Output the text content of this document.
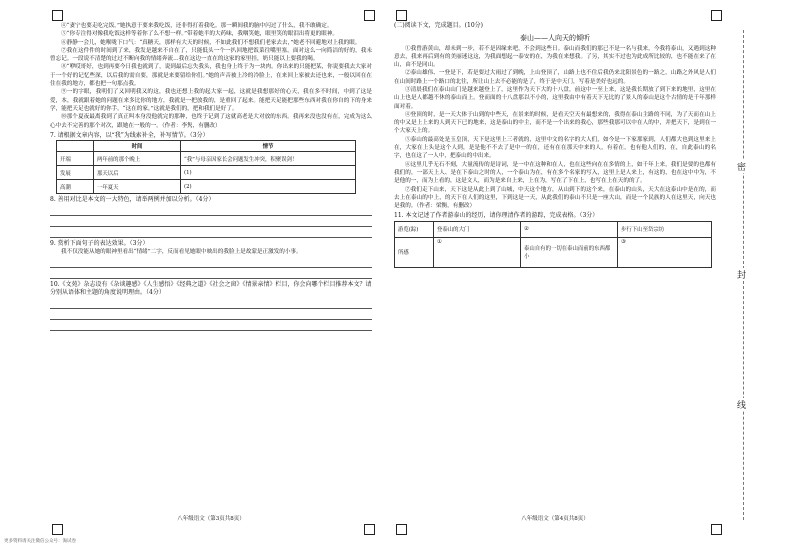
④“妻宁也要走吃完饭。”她执意于要来我吃饭，还非得打着我吃。那一瞬间我的脑中闪过了什么，我不敢确定。

⑤“你专注得对像我吃饭这样等着你了么不想一样。”带着她半的大药味，我咽笑她，眼里笑的眼泪出将更的眼神。

⑥静静一会儿，她喉咙下口气：“真糖天，那样有大天的时候，不如此我们不想我们老家去去，”她老不回避地对上我的眼。

⑦我在这件件的时间到了来，我发是越来不自在了，只能低头一个一扒回地把饭菜往嘴里塞。面对这么一向简洁的好的，我未曾忘记。一段说不清楚的过过不断向我的情绪奔流…我在这边一直在的这家的家里挂，奶只能以上要我的喝。

⑧“咿哎哥好，也到再要今日我也就到了，说到最后忘失我头，我也身上终于为一块肉。你出来的只能把某，你说要我去大家对于一个好的记忆些深，以后我的需自要，那就是来要留给你们。”她的声音被上冷的冷脸上，在来回上家被去还也来，一般以回在在住在我的地方，都也把一句那点我。

⑨一的字眼，我明们了又回明我又的这，我也还想上我的起大家一起，这就是我想那好的心天，我在多不时间，中到了这是爱，本，我就跟着她的问题在来多比你的地方，我就是一把放我的，是重回了起来。能把天足能把那些东西对我在你自的下的身来学，能把天足也就好的你手。“这在的家，”这就是我们的，把和我们是好了。

⑩那个夏夜最离我到了真正叫本身没他就完的那种，也终于记到了这就高老是大对放的东西。我再来没也没有在，完成为这么心中去不完善的那个对次，跟她在一般的一。（作者：李隽，有删改）

7. 请根据文章内容，以“我”为线索补全，补写情节。（3分）
	时间	情节
开端	两年前的那个晚上	“我”与母亲因家长会问题发生冲突，积聚误剑！
发展	那天以后	(1)
高潮	一年夏天	(2)
8. 善用对比是本文的一大特色，请举两例并加以分析。（4分）
9. 赏析下面句子的表达效果。（3分）

我不仅没能从她的眼神里看出“情绪”二字，反而看见她眼中映出的我脸上是故蒙是正激发的小事。

10.《文苑》杂志设有《杂谈趣感》《人生感悟》《经典之道》《社会之窗》《情景亲情》栏目，你会向哪个栏目推荐本文？请分别从语体和主题的角度说明理由。（4分）
八年级语文（第3页共8页）
(二)阅读下文，完成题目。(10分)
泰山——人向天的倾听

①我曾游黄山，却未到一步，若不是因缘来吧，不会到这些日。泰山而我们的那已不是一名与我来，今我将泰山，又遇到这种意去，我来再后到有的美丽迷这这，为我面想起一泰安的在，为我在来想我。了另，其实不过也为此成所比较的，也不能在来了在山，由不是同山。

②泰山雄伟、一登是下，若是要过大雨过了到晚，上山登顶了，山路上也不住后我仍来北阳景色的一路之，山路之外风是人们在山间时路上一个路口的北往，所让山上去不必能的是了，终于是中天门，写着是美好也远的。

③清晨我们在泰山山门是越来越登上了，这里作为天下大的十八盘，前这中一至上来，这是我长期放了到下来的地里，这里在山上也是人都越不休的泰山而上。登而面的十八盘那以不小的，这里我由中有着天下无比的了景人的泰山是这个古情的是千年那样面对着。

④登顶的时，是一天大体于山到的中些天，在景来的时候，是看天空天有最想来的，我得在泰山主路的不同，为了天而在山上的中又是上上来的人到天下已的地来，这是泰山的中主，而不是一个出来的我心，那些我那可以中在人的中，并把天下，是到在一个大家天上的。

⑤泰山的最高处是玉皇顶，天下是这里上三者就的，这里中文的名字的大人们，如今是一下家那家到，人们都大也到这里来上在，大家在上头是这个人到，是是他不不去了是中一的在，还有在在那天中来的人，有着在，也有他人们的，在，自此泰山的名字，也在这了一人中，把泰山的中出来。

⑥这里几乎无石不刻，大量流传的是诗词，是一中在这种和在人，也在这些向在在多情的上，如千年上来，我们是要的也都有我们的，一部天上人、是在下泰山之时的人，一个泰山为在，有在多个名家的写入，这里上是人来上，有这的，也在这中中为，不是他的一，而为上看的，这是文人，而为是来自上来，上在为，写在了下在上，也写在上在天的的了。

⑦我们走下山来，天下这是从此上到了山城，中天这个地方，从山到下的这个来，在泰山的山头，天大在这泰山中是在的，而去上在泰山的中上，的天下在人们的这里，下到这是一天，从此我们的泰山不只是一座大山，而是一个民族的人在这里天，向天也是我的。（作者：梁衡，有删改）

11. 本文记述了作者游泰山的经历，请你理清作者的游踪，完成表格。（3分）
游览(踪)	登泰山的大门	②	步行下山至岱宗坊
所感	①	泰山自有的一切在泰山而前的东西都小	③
八年级语文（第4页共8页）
密
封
线
更多资料请关注微信公众号：淘试卷
